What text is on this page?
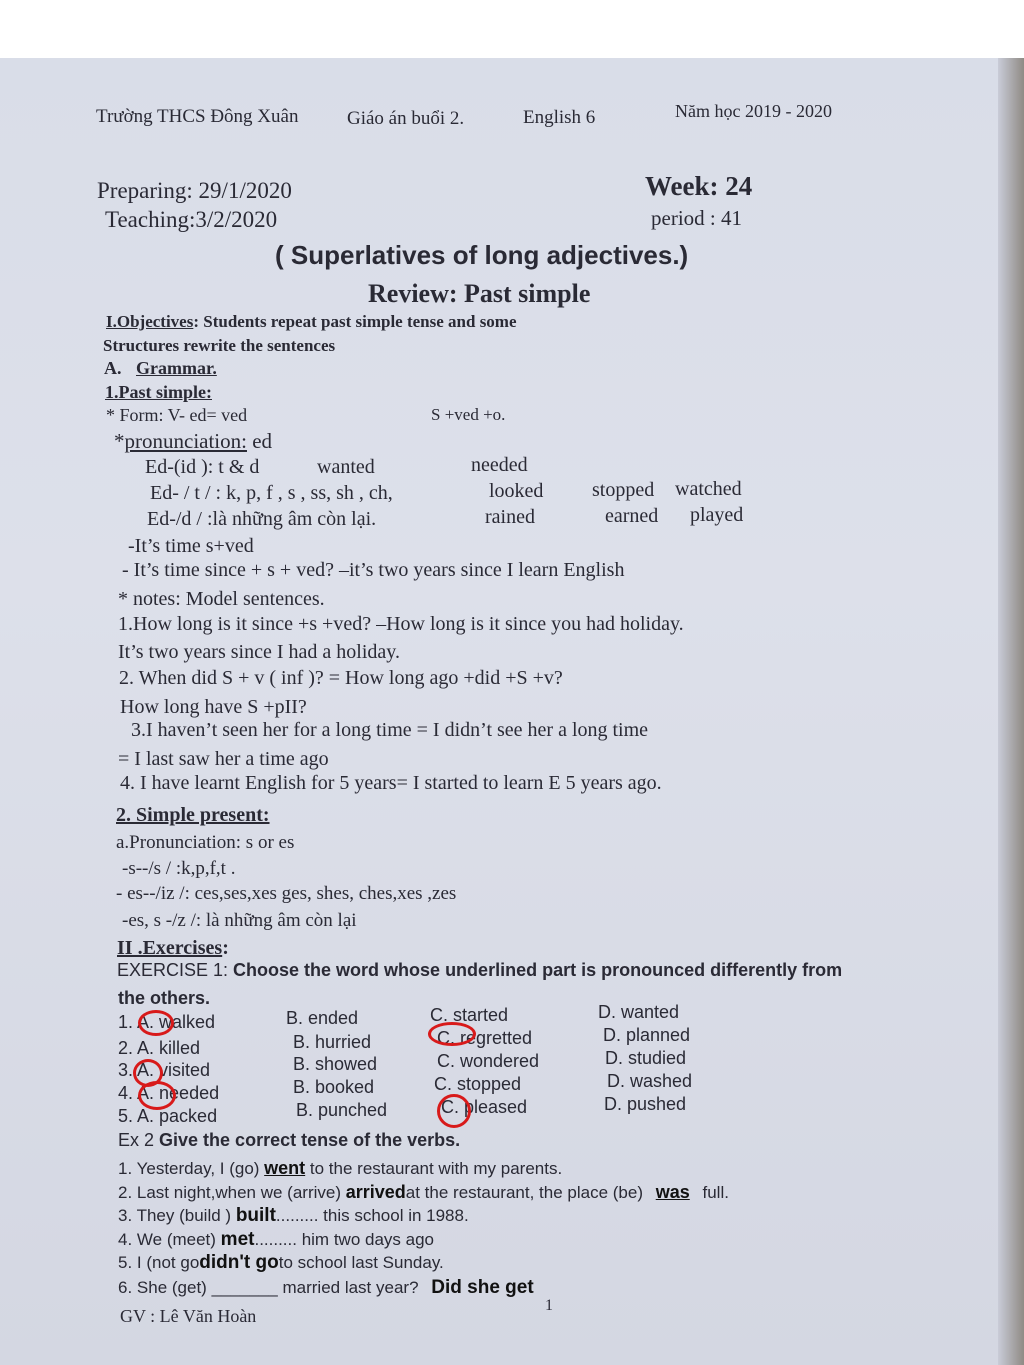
Trường THCS Đông Xuân	Giáo án buổi 2.	English 6	Năm học 2019 - 2020
Preparing: 29/1/2020
Teaching:3/2/2020
Week: 24
period : 41
( Superlatives of long adjectives.)
Review: Past simple
I.Objectives: Students repeat past simple tense and some
Structures rewrite the sentences
A. Grammar.
1.Past simple:
* Form: V- ed= ved	S +ved +o.
*pronunciation: ed
Ed-(id ): t & d	wanted	needed
Ed- / t / : k, p, f , s , ss, sh , ch,	looked stopped watched
Ed-/d / :là những âm còn lại.	rained	earned played
-It’s time s+ved
- It’s time since + s + ved? –it’s two years since I learn English
* notes: Model sentences.
1.How long is it since +s +ved? –How long is it since you had holiday.
It’s two years since I had a holiday.
2. When did S + v ( inf )? = How long ago +did +S +v?
How long have S +pII?
3.I haven’t seen her for a long time = I didn’t see her a long time
= I last saw her a time ago
4. I have learnt English for 5 years= I started to learn E 5 years ago.
2. Simple present:
a.Pronunciation: s or es
-s--/s / :k,p,f,t .
- es--/iz /: ces,ses,xes ges, shes, ches,xes ,zes
-es, s -/z /: là những âm còn lại
II .Exercises:
EXERCISE 1: Choose the word whose underlined part is pronounced differently from
the others.
1. A. walked	B. ended	C. started	D. wanted
2. A. killed	B. hurried	C. regretted	D. planned
3. A. visited	B. showed	C. wondered	D. studied
4. A. needed	B. booked	C. stopped	D. washed
5. A. packed	B. punched	C. pleased	D. pushed
Ex 2 Give the correct tense of the verbs.
1. Yesterday, I (go) went to the restaurant with my parents.
2. Last night,when we (arrive) arrivedat the restaurant, the place (be) was full.
3. They (build ) built......... this school in 1988.
4. We (meet) met......... him two days ago
5. I (not godidn't goto school last Sunday.
6. She (get) _______ married last year? Did she get
GV : Lê Văn Hoàn
1
